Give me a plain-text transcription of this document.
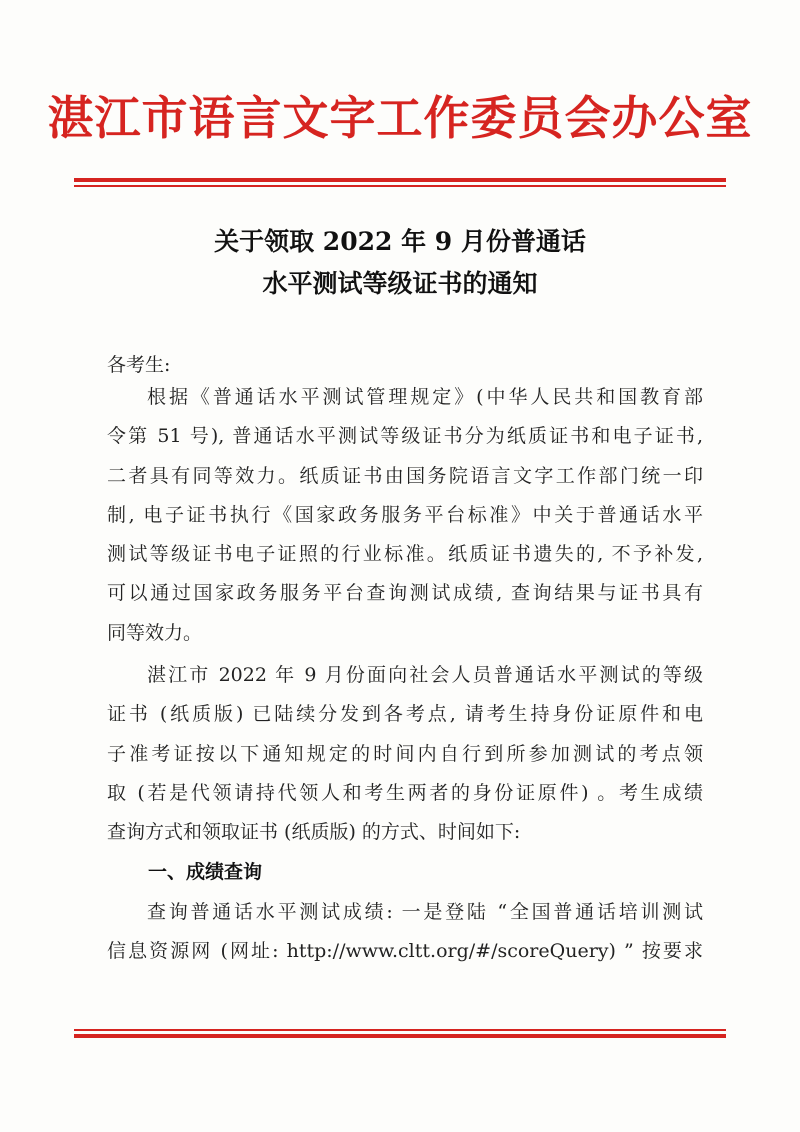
湛江市语言文字工作委员会办公室
关于领取 2022 年 9 月份普通话
水平测试等级证书的通知
各考生:
根据《普通话水平测试管理规定》(中华人民共和国教育部
令第 51 号), 普通话水平测试等级证书分为纸质证书和电子证书,
二者具有同等效力。纸质证书由国务院语言文字工作部门统一印
制, 电子证书执行《国家政务服务平台标准》中关于普通话水平
测试等级证书电子证照的行业标准。纸质证书遗失的, 不予补发,
可以通过国家政务服务平台查询测试成绩, 查询结果与证书具有
同等效力。
湛江市 2022 年 9 月份面向社会人员普通话水平测试的等级
证书 (纸质版) 已陆续分发到各考点, 请考生持身份证原件和电
子准考证按以下通知规定的时间内自行到所参加测试的考点领
取 (若是代领请持代领人和考生两者的身份证原件) 。考生成绩
查询方式和领取证书 (纸质版) 的方式、时间如下:
一、成绩查询
查询普通话水平测试成绩: 一是登陆 “全国普通话培训测试
信息资源网 (网址: http://www.cltt.org/#/scoreQuery) ” 按要求
